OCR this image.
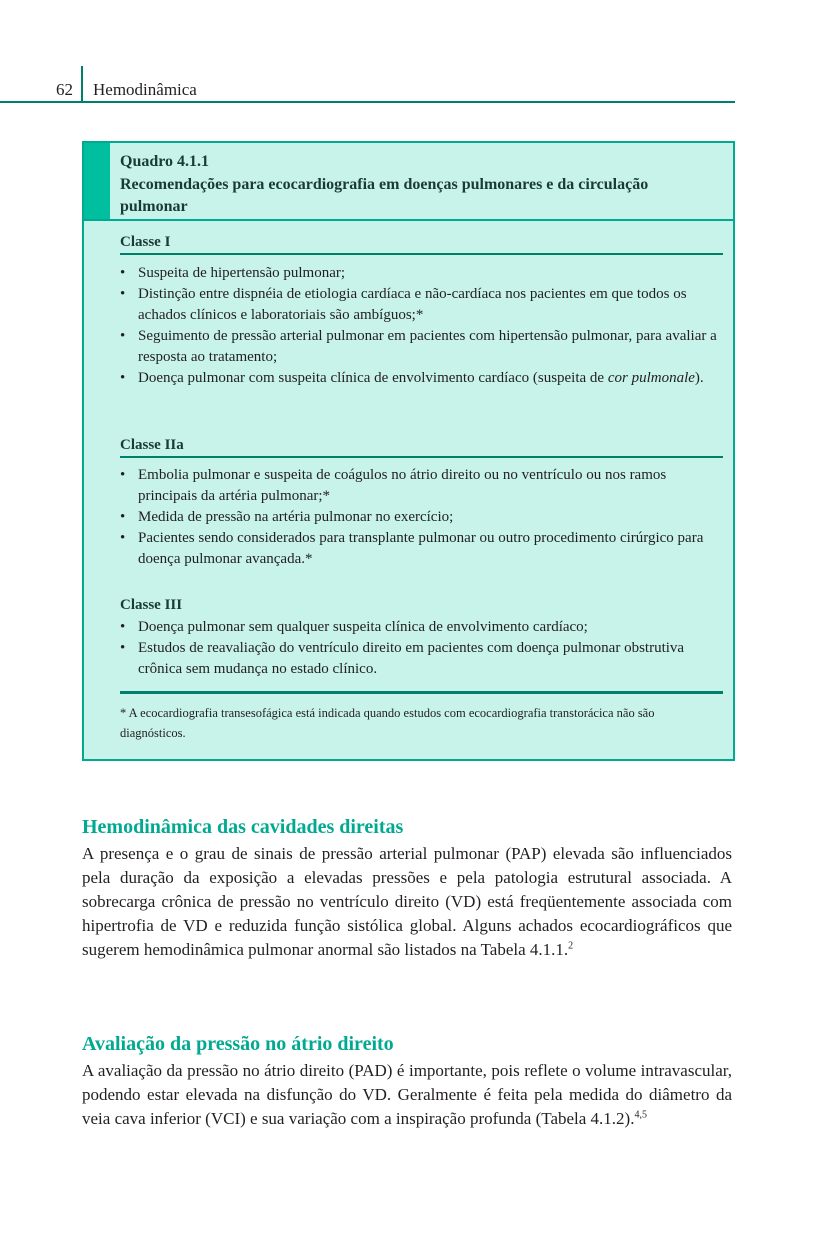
62 Hemodinâmica
Quadro 4.1.1
Recomendações para ecocardiografia em doenças pulmonares e da circulação pulmonar
Classe I
• Suspeita de hipertensão pulmonar;
• Distinção entre dispnéia de etiologia cardíaca e não-cardíaca nos pacientes em que todos os achados clínicos e laboratoriais são ambíguos;*
• Seguimento de pressão arterial pulmonar em pacientes com hipertensão pulmonar, para avaliar a resposta ao tratamento;
• Doença pulmonar com suspeita clínica de envolvimento cardíaco (suspeita de cor pulmonale).
Classe IIa
• Embolia pulmonar e suspeita de coágulos no átrio direito ou no ventrículo ou nos ramos principais da artéria pulmonar;*
• Medida de pressão na artéria pulmonar no exercício;
• Pacientes sendo considerados para transplante pulmonar ou outro procedimento cirúrgico para doença pulmonar avançada.*
Classe III
• Doença pulmonar sem qualquer suspeita clínica de envolvimento cardíaco;
• Estudos de reavaliação do ventrículo direito em pacientes com doença pulmonar obstrutiva crônica sem mudança no estado clínico.
* A ecocardiografia transesofágica está indicada quando estudos com ecocardiografia transtorácica não são diagnósticos.
Hemodinâmica das cavidades direitas

A presença e o grau de sinais de pressão arterial pulmonar (PAP) elevada são influenciados pela duração da exposição a elevadas pressões e pela patologia estrutural associada. A sobrecarga crônica de pressão no ventrículo direito (VD) está freqüentemente associada com hipertrofia de VD e reduzida função sistólica global. Alguns achados ecocardiográficos que sugerem hemodinâmica pulmonar anormal são listados na Tabela 4.1.1.$^2$

Avaliação da pressão no átrio direito

A avaliação da pressão no átrio direito (PAD) é importante, pois reflete o volume intravascular, podendo estar elevada na disfunção do VD. Geralmente é feita pela medida do diâmetro da veia cava inferior (VCI) e sua variação com a inspiração profunda (Tabela 4.1.2).$^{4,5}$
